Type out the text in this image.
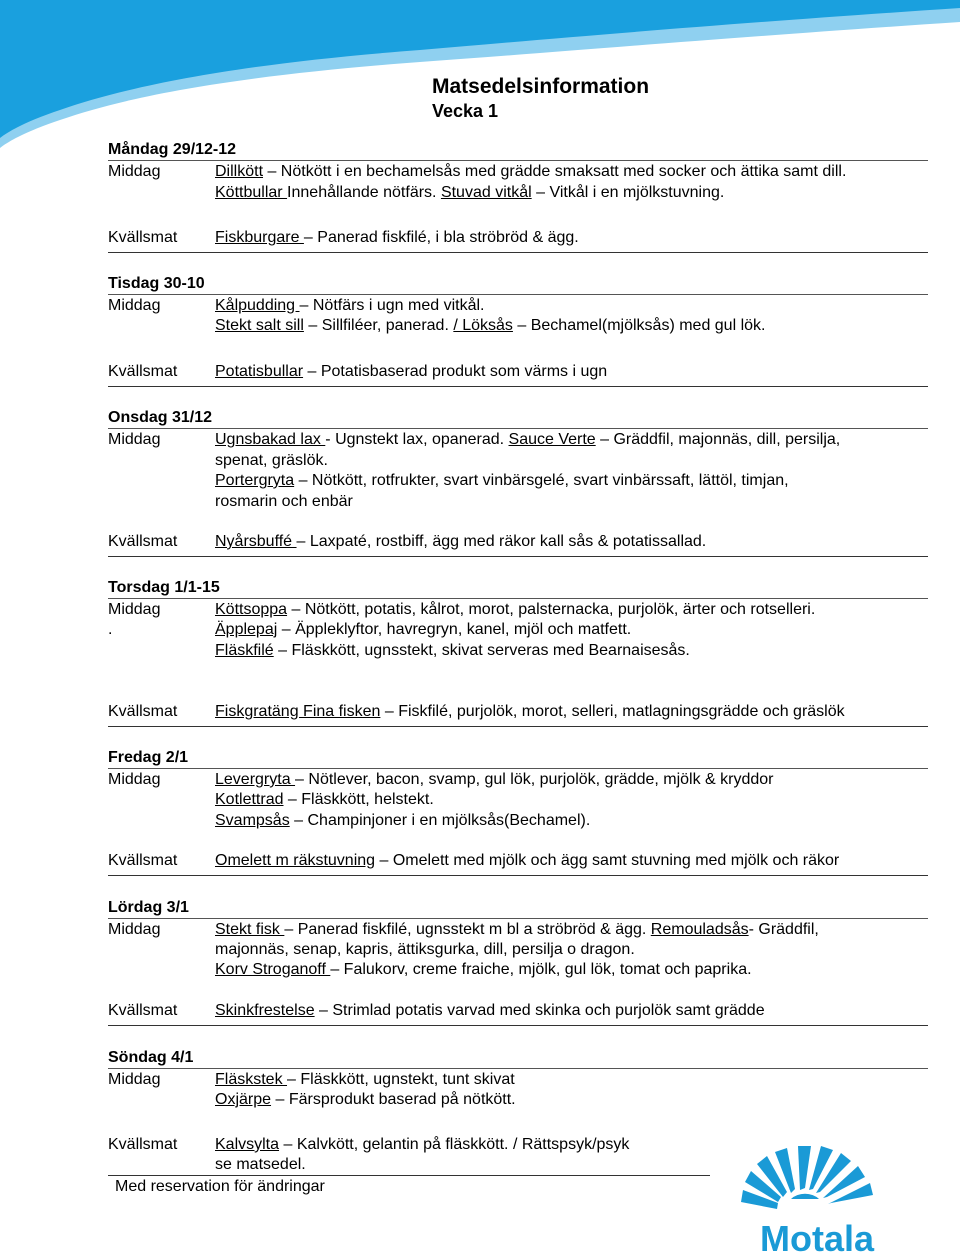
Matsedelsinformation
Vecka 1
Måndag 29/12-12
Middag	Dillkött – Nötkött i en bechamelsås med grädde smaksatt med socker och ättika samt dill.
Köttbullar Innehållande nötfärs. Stuvad vitkål – Vitkål i en mjölkstuvning.
Kvällsmat Fiskburgare – Panerad fiskfilé, i bla ströbröd & ägg.
Tisdag 30-10
Middag	Kålpudding – Nötfärs i ugn med vitkål.
Stekt salt sill – Sillfiléer, panerad. / Löksås – Bechamel(mjölksås) med gul lök.
Kvällsmat Potatisbullar – Potatisbaserad produkt som värms i ugn
Onsdag 31/12
Middag	Ugnsbakad lax - Ugnstekt lax, opanerad. Sauce Verte – Gräddfil, majonnäs, dill, persilja,
spenat, gräslök.
Portergryta – Nötkött, rotfrukter, svart vinbärsgelé, svart vinbärssaft, lättöl, timjan,
rosmarin och enbär
Kvällsmat Nyårsbuffé – Laxpaté, rostbiff, ägg med räkor kall sås & potatissallad.
Torsdag 1/1-15
Middag
.
Köttsoppa – Nötkött, potatis, kålrot, morot, palsternacka, purjolök, ärter och rotselleri.
Äpplepaj – Äppleklyftor, havregryn, kanel, mjöl och matfett.
Fläskfilé – Fläskkött, ugnsstekt, skivat serveras med Bearnaisesås.
Kvällsmat Fiskgratäng Fina fisken – Fiskfilé, purjolök, morot, selleri, matlagningsgrädde och gräslök
Fredag 2/1
Middag	Levergryta – Nötlever, bacon, svamp, gul lök, purjolök, grädde, mjölk & kryddor
Kotlettrad – Fläskkött, helstekt.
Svampsås – Champinjoner i en mjölksås(Bechamel).
Kvällsmat Omelett m räkstuvning – Omelett med mjölk och ägg samt stuvning med mjölk och räkor
Lördag 3/1
Middag	Stekt fisk – Panerad fiskfilé, ugnsstekt m bl a ströbröd & ägg. Remouladsås- Gräddfil,
majonnäs, senap, kapris, ättiksgurka, dill, persilja o dragon.
Korv Stroganoff – Falukorv, creme fraiche, mjölk, gul lök, tomat och paprika.
Kvällsmat Skinkfrestelse – Strimlad potatis varvad med skinka och purjolök samt grädde
Söndag 4/1
Middag	Fläskstek – Fläskkött, ugnstekt, tunt skivat
Oxjärpe – Färsprodukt baserad på nötkött.
Kvällsmat Kalvsylta – Kalvkött, gelantin på fläskkött. / Rättspsyk/psyk
se matsedel.
Med reservation för ändringar
Motala
